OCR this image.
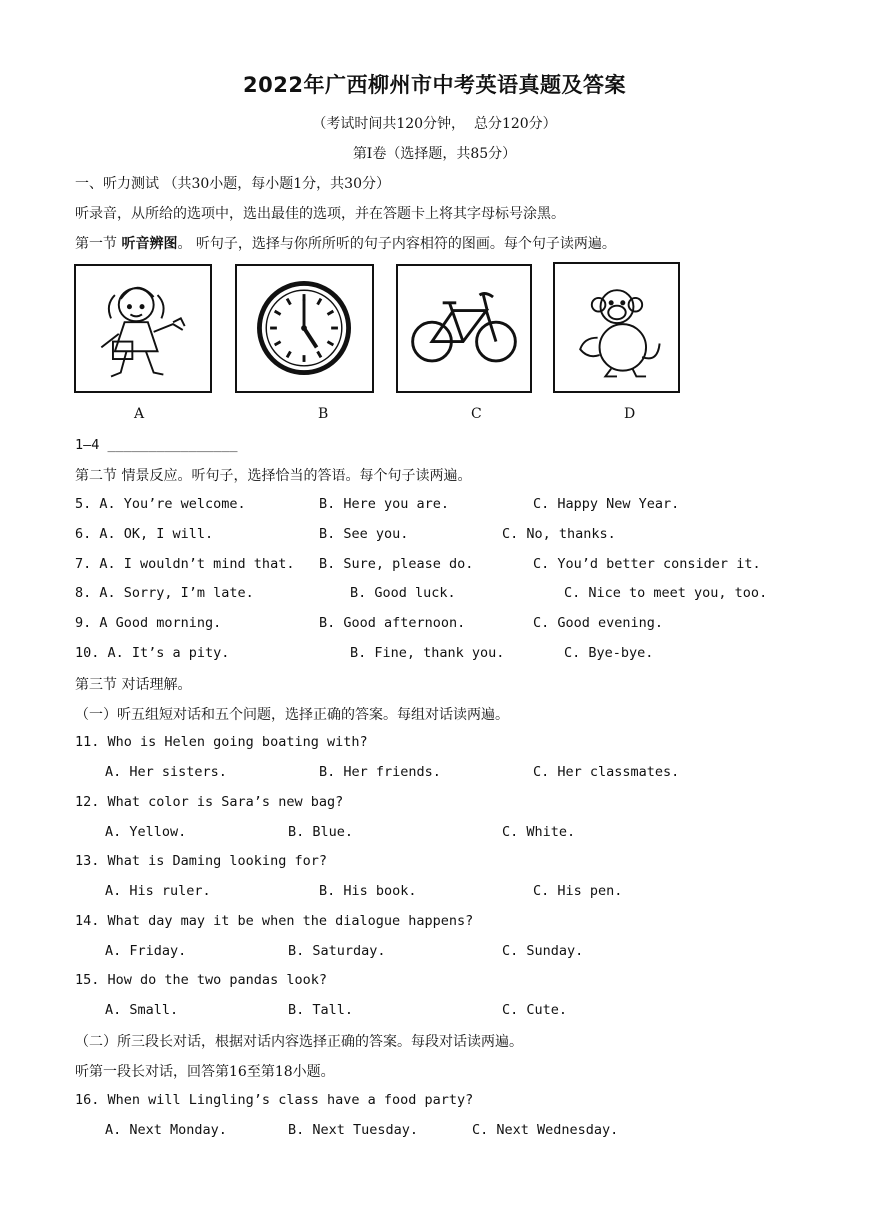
2022年广西柳州市中考英语真题及答案
（考试时间共120分钟，  总分120分）
第Ⅰ卷（选择题，共85分）
一、听力测试 （共30小题，每小题1分，共30分）
听录音，从所给的选项中，选出最佳的选项，并在答题卡上将其字母标号涂黑。
第一节 听音辨图。 听句子，选择与你所所听的句子内容相符的图画。每个句子读两遍。
A	B	C	D
1—4 ________________
第二节 情景反应。听句子，选择恰当的答语。每个句子读两遍。
5. A. You’re welcome.	B. Here you are.	C. Happy New Year.
6. A. OK, I will.	B. See you.	C. No, thanks.
7. A. I wouldn’t mind that. B. Sure, please do.	C. You’d better consider it.
8. A. Sorry, I’m late.	B. Good luck.	C. Nice to meet you, too.
9. A Good morning.	B. Good afternoon.	C. Good evening.
10. A. It’s a pity.	B. Fine, thank you.	C. Bye-bye.
第三节 对话理解。
（一）听五组短对话和五个问题，选择正确的答案。每组对话读两遍。
11. Who is Helen going boating with?
A. Her sisters.	B. Her friends.	C. Her classmates.
12. What color is Sara’s new bag?
A. Yellow.	B. Blue.	C. White.
13. What is Daming looking for?
A. His ruler.	B. His book.	C. His pen.
14. What day may it be when the dialogue happens?
A. Friday.	B. Saturday.	C. Sunday.
15. How do the two pandas look?
A. Small.	B. Tall.	C. Cute.
（二）所三段长对话，根据对话内容选择正确的答案。每段对话读两遍。
听第一段长对话，回答第16至第18小题。
16. When will Lingling’s class have a food party?
A. Next Monday.	B. Next Tuesday.	C. Next Wednesday.
